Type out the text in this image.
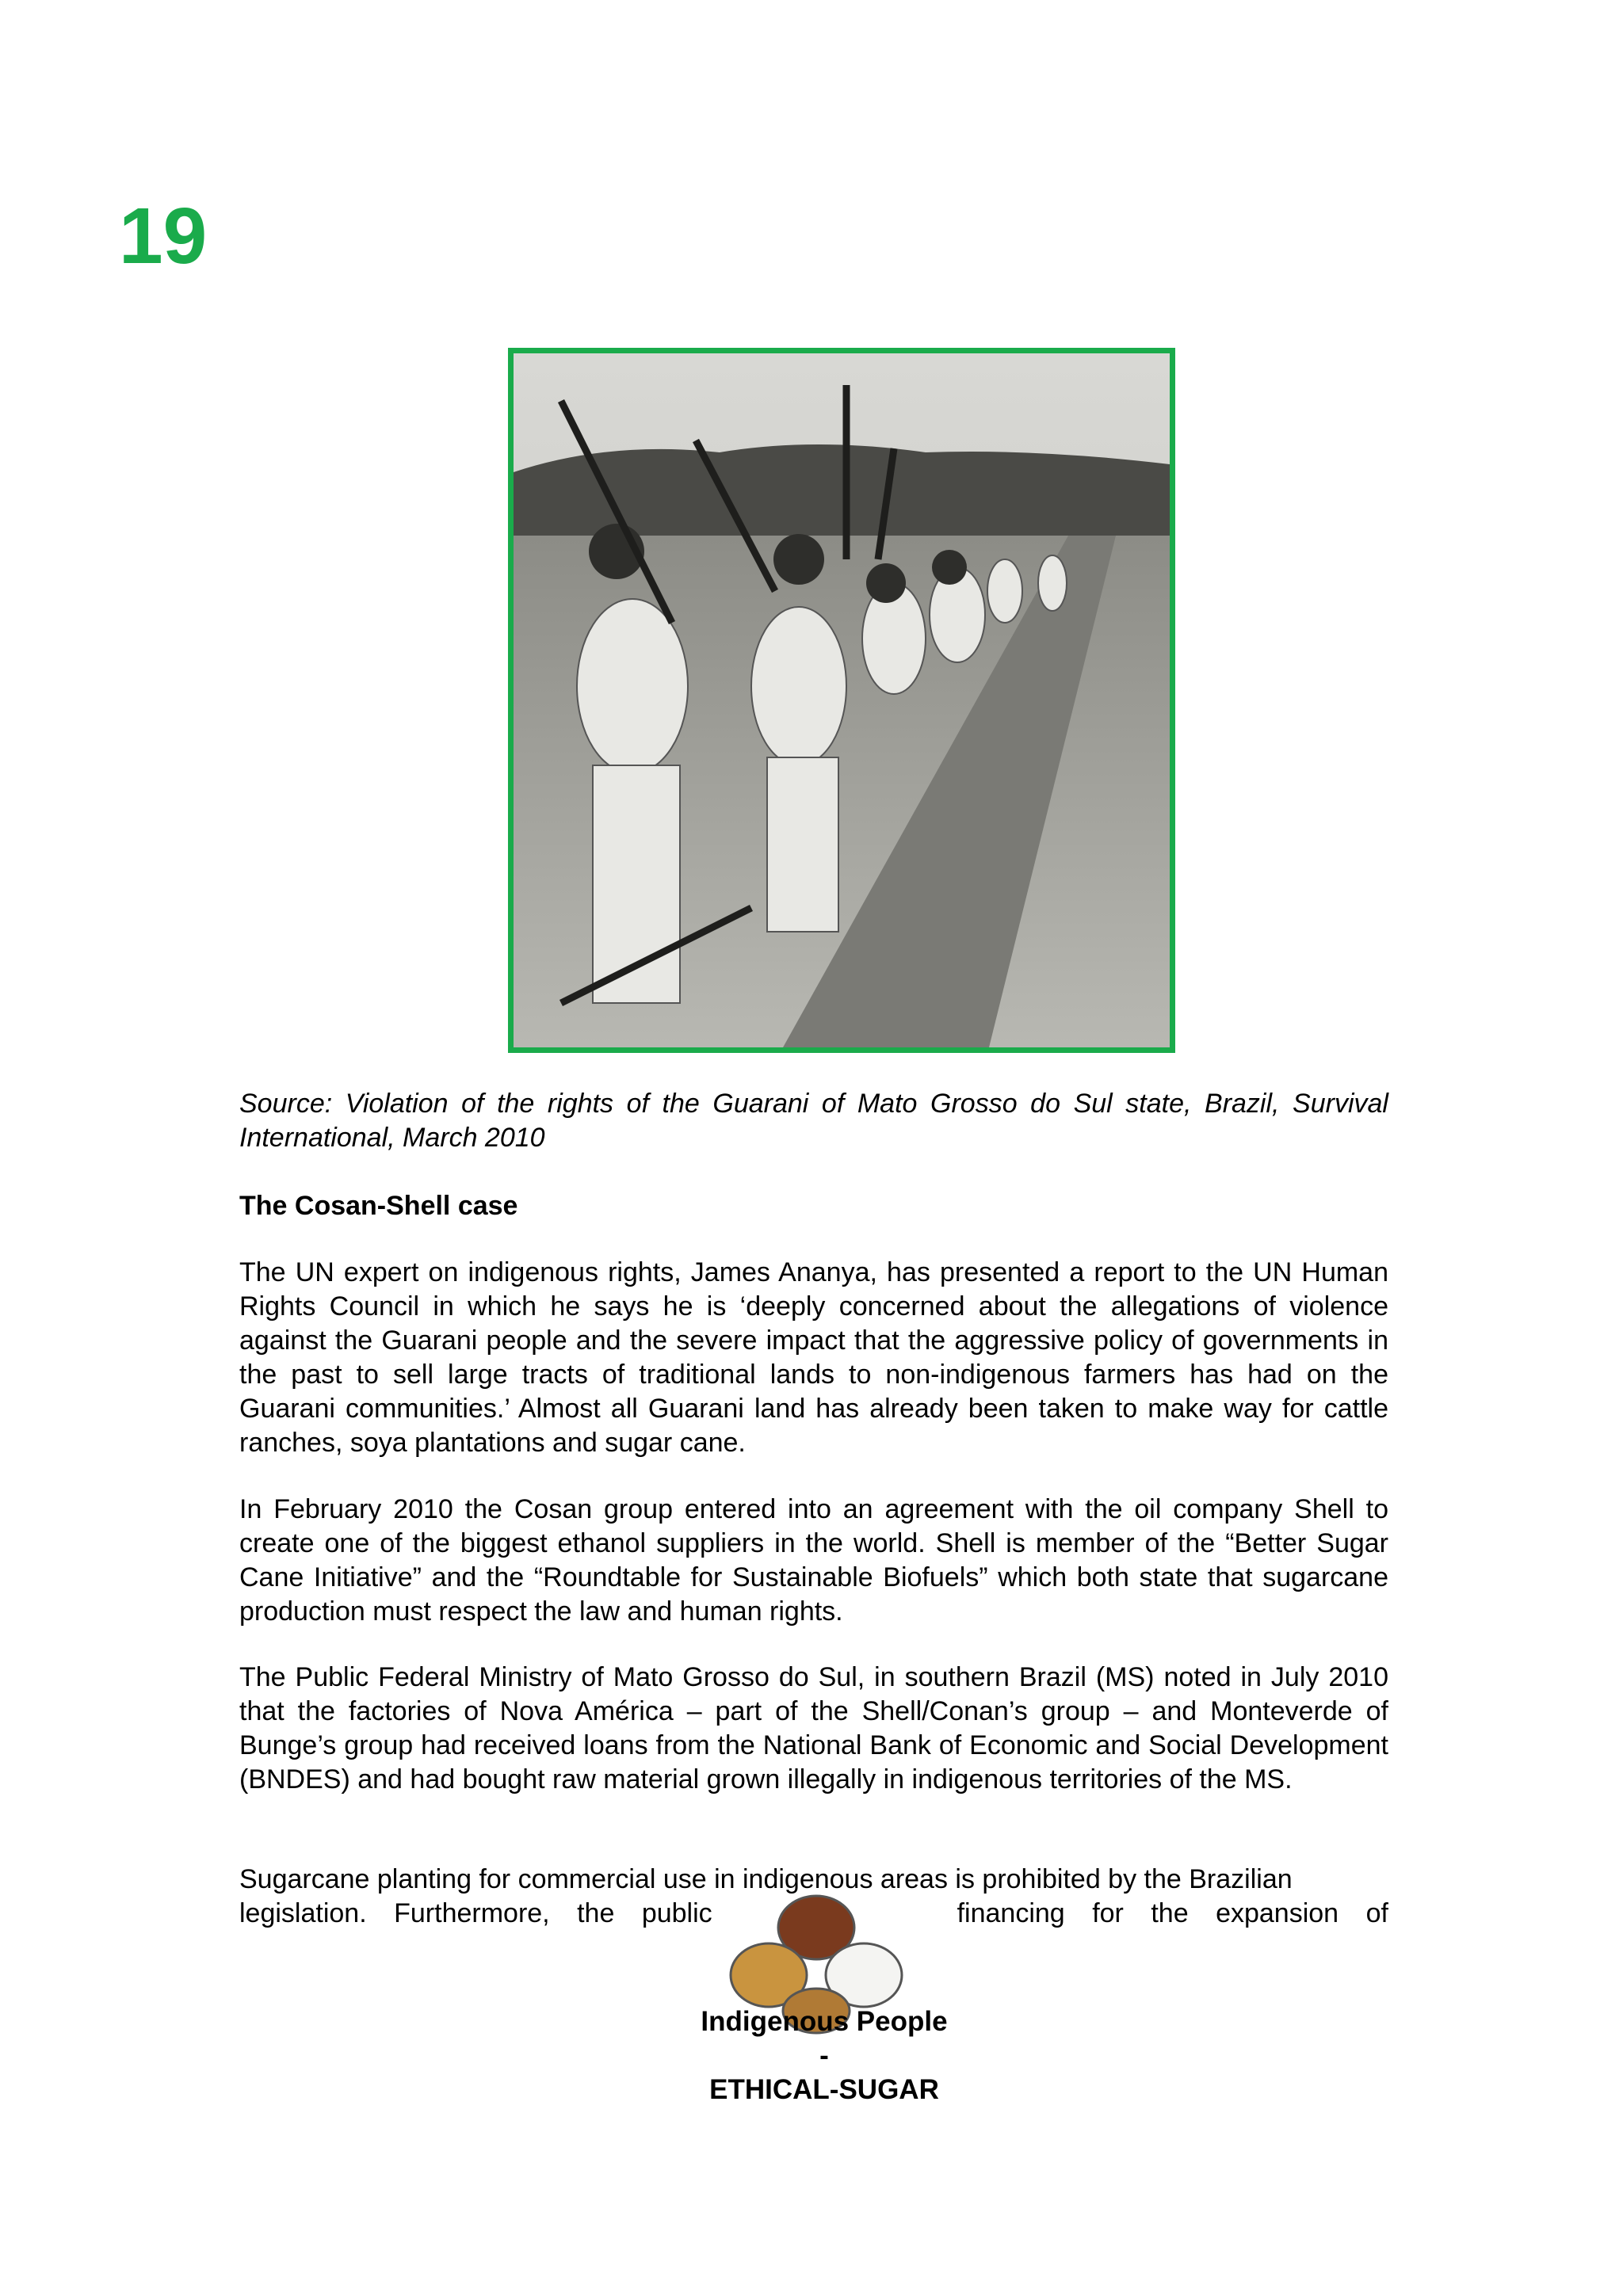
19
Source: Violation of the rights of the Guarani of Mato Grosso do Sul state, Brazil, Survival International, March 2010
The Cosan-Shell case
The UN expert on indigenous rights, James Ananya, has presented a report to the UN Human Rights Council in which he says he is ‘deeply concerned about the allegations of violence against the Guarani people and the severe impact that the aggressive policy of governments in the past to sell large tracts of traditional lands to non-indigenous farmers has had on the Guarani communities.’ Almost all Guarani land has already been taken to make way for cattle ranches, soya plantations and sugar cane.
In February 2010 the Cosan group entered into an agreement with the oil company Shell to create one of the biggest ethanol suppliers in the world. Shell is member of the “Better Sugar Cane Initiative” and the “Roundtable for Sustainable Biofuels” which both state that sugarcane production must respect the law and human rights.
The Public Federal Ministry of Mato Grosso do Sul, in southern Brazil (MS) noted in July 2010 that the factories of Nova América – part of the Shell/Conan’s group – and Monteverde of Bunge’s group had received loans from the National Bank of Economic and Social Development (BNDES) and had bought raw material grown illegally in indigenous territories of the MS.
Sugarcane planting for commercial use in indigenous areas is prohibited by the Brazilian
legislation. Furthermore, the public	financing for the expansion of
Indigenous People
-
ETHICAL-SUGAR
